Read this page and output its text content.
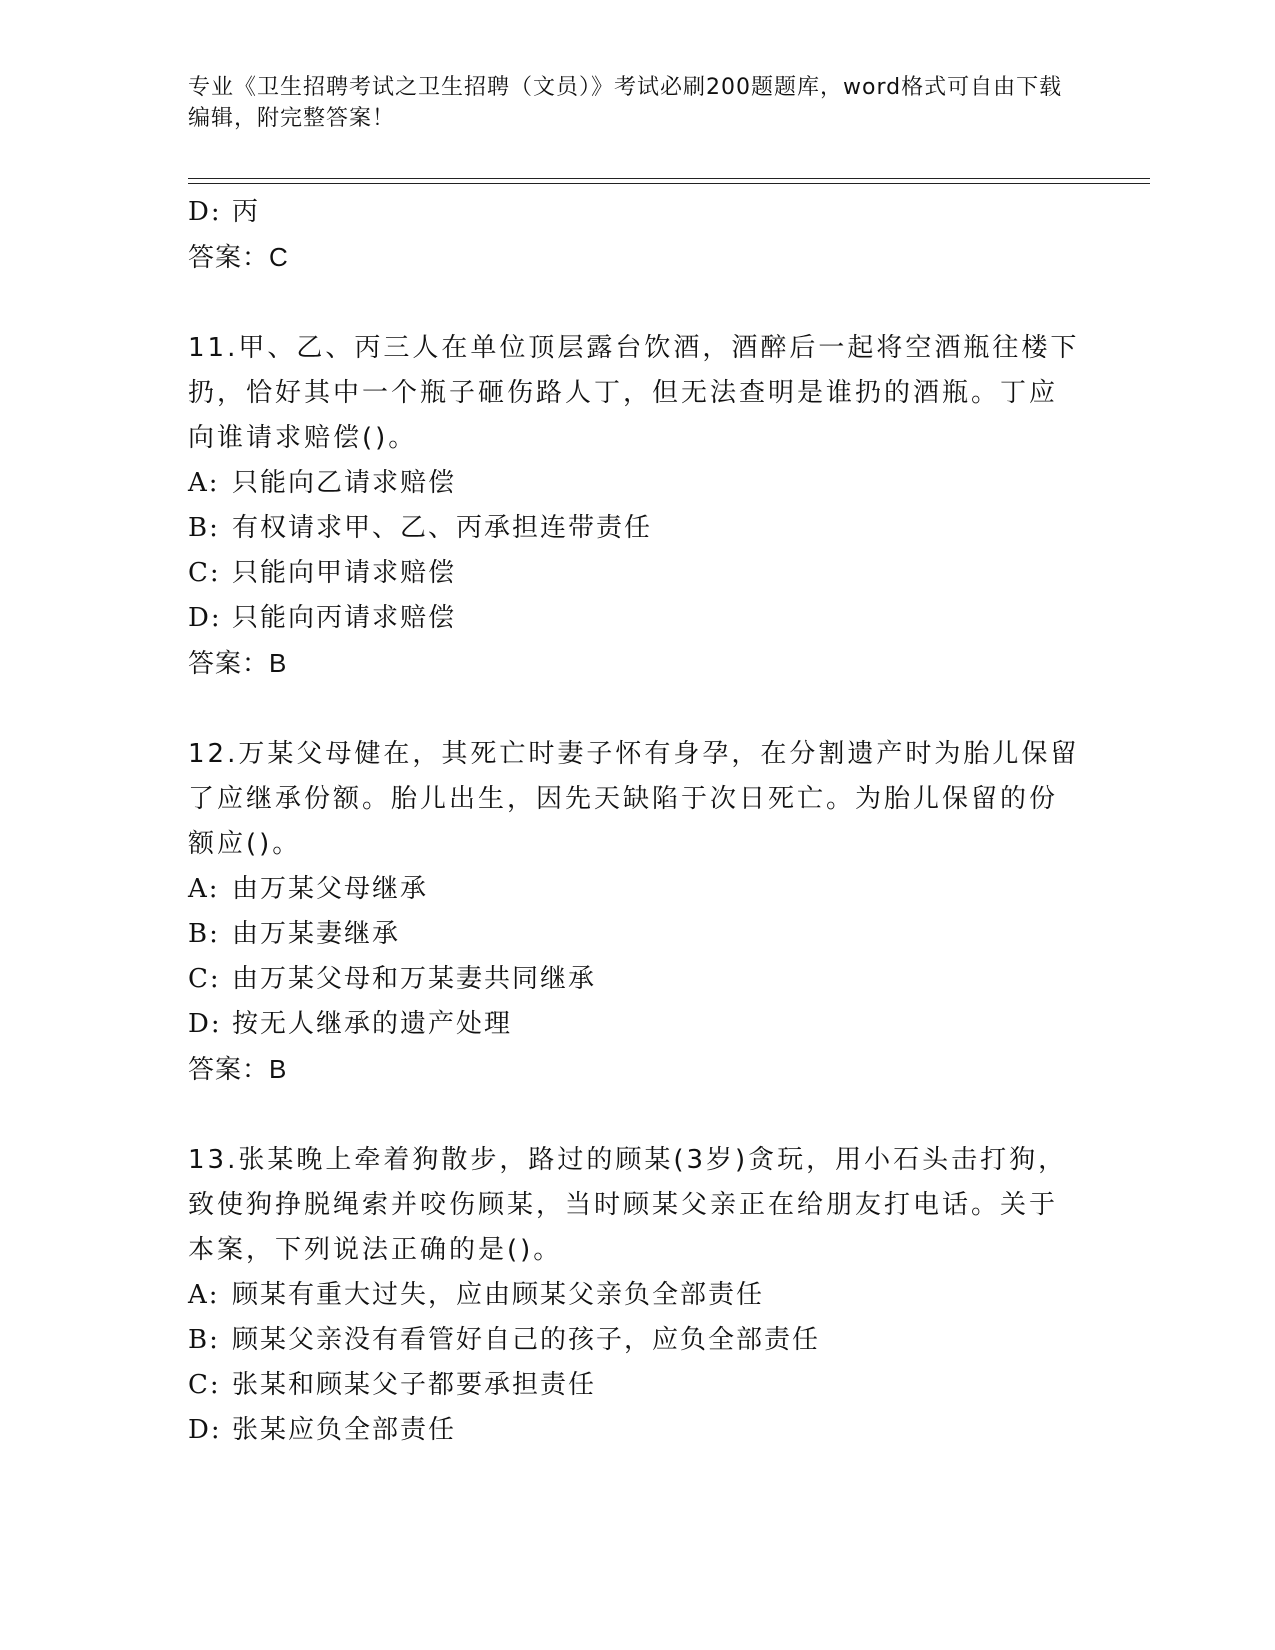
专业《卫生招聘考试之卫生招聘（文员）》考试必刷200题题库，word格式可自由下载编辑，附完整答案！
D: 丙
答案：C
11.甲、乙、丙三人在单位顶层露台饮酒，酒醉后一起将空酒瓶往楼下
扔，恰好其中一个瓶子砸伤路人丁，但无法查明是谁扔的酒瓶。丁应
向谁请求赔偿()。
A: 只能向乙请求赔偿
B: 有权请求甲、乙、丙承担连带责任
C: 只能向甲请求赔偿
D: 只能向丙请求赔偿
答案：B
12.万某父母健在，其死亡时妻子怀有身孕，在分割遗产时为胎儿保留
了应继承份额。胎儿出生，因先天缺陷于次日死亡。为胎儿保留的份
额应()。
A: 由万某父母继承
B: 由万某妻继承
C: 由万某父母和万某妻共同继承
D: 按无人继承的遗产处理
答案：B
13.张某晚上牵着狗散步，路过的顾某(3岁)贪玩，用小石头击打狗，
致使狗挣脱绳索并咬伤顾某，当时顾某父亲正在给朋友打电话。关于
本案，下列说法正确的是()。
A: 顾某有重大过失，应由顾某父亲负全部责任
B: 顾某父亲没有看管好自己的孩子，应负全部责任
C: 张某和顾某父子都要承担责任
D: 张某应负全部责任
